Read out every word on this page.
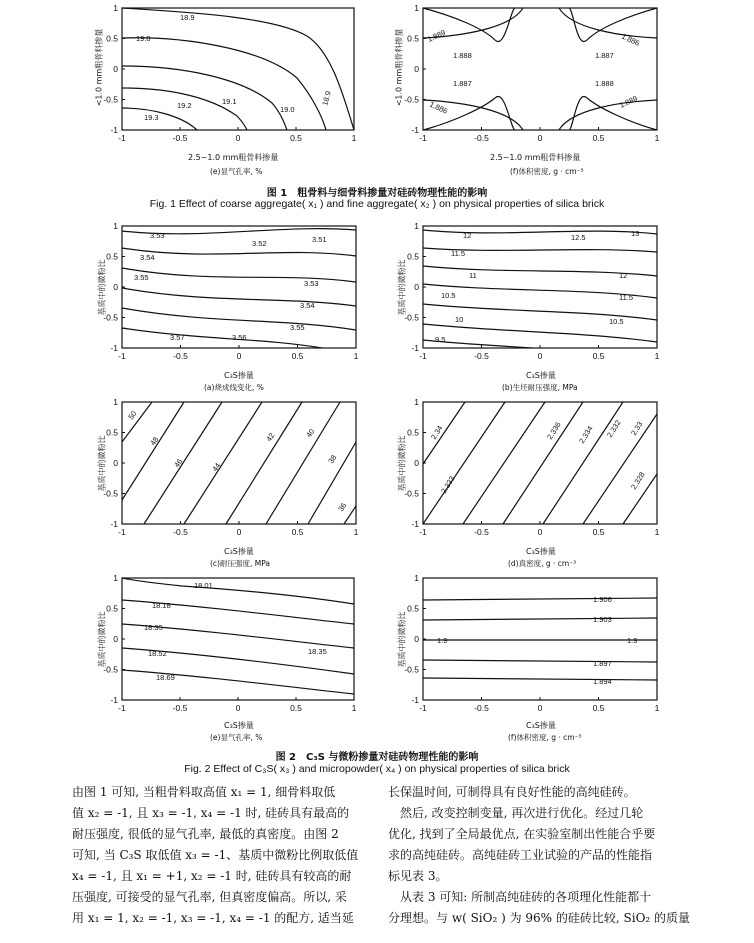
18.9
19.0
19.2	19.1
19.0
18.9
19.3
-1
-1
-0.5
-0.5
0
0
0.5
0.5
1
1
<1.0 mm粗骨料掺量
2.5~1.0 mm粗骨料掺量
(e)显气孔率, %
1.889
1.888	1.887
1.886
1.887
1.886
1.888
1.889
-1
-1
-0.5
-0.5
0
0
0.5
0.5
1
1
<1.0 mm粗骨料掺量
2.5~1.0 mm粗骨料掺量
(f)体积密度, g · cm⁻³
图 1　粗骨料与细骨料掺量对硅砖物理性能的影响
Fig. 1 Effect of coarse aggregate( x₁ ) and fine aggregate( x₂ ) on physical properties of silica brick
3.53
3.52	3.51
3.54
3.55
3.53
3.54
3.55
3.57	3.56
-1
-1
-0.5
-0.5
0
0
0.5
0.5
1
1
基质中的微粉比
C₃S掺量
(a)烧成线变化, %
12	12.5	13
11.5
11	12
11.5
10.5
10	10.5
9.5
-1
-1
-0.5
-0.5
0
0
0.5
0.5
1
1
基质中的微粉比
C₃S掺量
(b)生坯耐压强度, MPa
50
48
46	44
42	40
38
36
-1
-1
-0.5
-0.5
0
0
0.5
0.5
1
1
基质中的微粉比
C₃S掺量
(c)耐压强度, MPa
2.34	2.336 2.334 2.332 2.33
2.333	2.328
-1
-1
-0.5
-0.5
0
0
0.5
0.5
1
1
基质中的微粉比
C₃S掺量
(d)真密度, g · cm⁻³
18.01
18.18
18.35
18.35
18.52
18.69
-1
-1
-0.5
-0.5
0
0
0.5
0.5
1
1
基质中的微粉比
C₃S掺量
(e)显气孔率, %
1.906
1.903
1.9	1.9
1.897
1.894
-1
-1
-0.5
-0.5
0
0
0.5
0.5
1
1
基质中的微粉比
C₃S掺量
(f)体积密度, g · cm⁻³
图 2　C₃S 与微粉掺量对硅砖物理性能的影响
Fig. 2 Effect of C₃S( x₃ ) and micropowder( x₄ ) on physical properties of silica brick

由图 1 可知, 当粗骨料取高值 x₁ = 1, 细骨料取低

值 x₂ = -1, 且 x₃ = -1, x₄ = -1 时, 硅砖具有最高的

耐压强度, 很低的显气孔率, 最低的真密度。由图 2

可知, 当 C₃S 取低值 x₃ = -1、基质中微粉比例取低值

x₄ = -1, 且 x₁ = +1, x₂ = -1 时, 硅砖具有较高的耐

压强度, 可接受的显气孔率, 但真密度偏高。所以, 采

用 x₁ = 1, x₂ = -1, x₃ = -1, x₄ = -1 的配方, 适当延

长保温时间, 可制得具有良好性能的高纯硅砖。

　然后, 改变控制变量, 再次进行优化。经过几轮

优化, 找到了全局最优点, 在实验室制出性能合乎要

求的高纯硅砖。高纯硅砖工业试验的产品的性能指

标见表 3。

　从表 3 可知: 所制高纯硅砖的各项理化性能都十

分理想。与 w( SiO₂ ) 为 96% 的硅砖比较, SiO₂ 的质量
